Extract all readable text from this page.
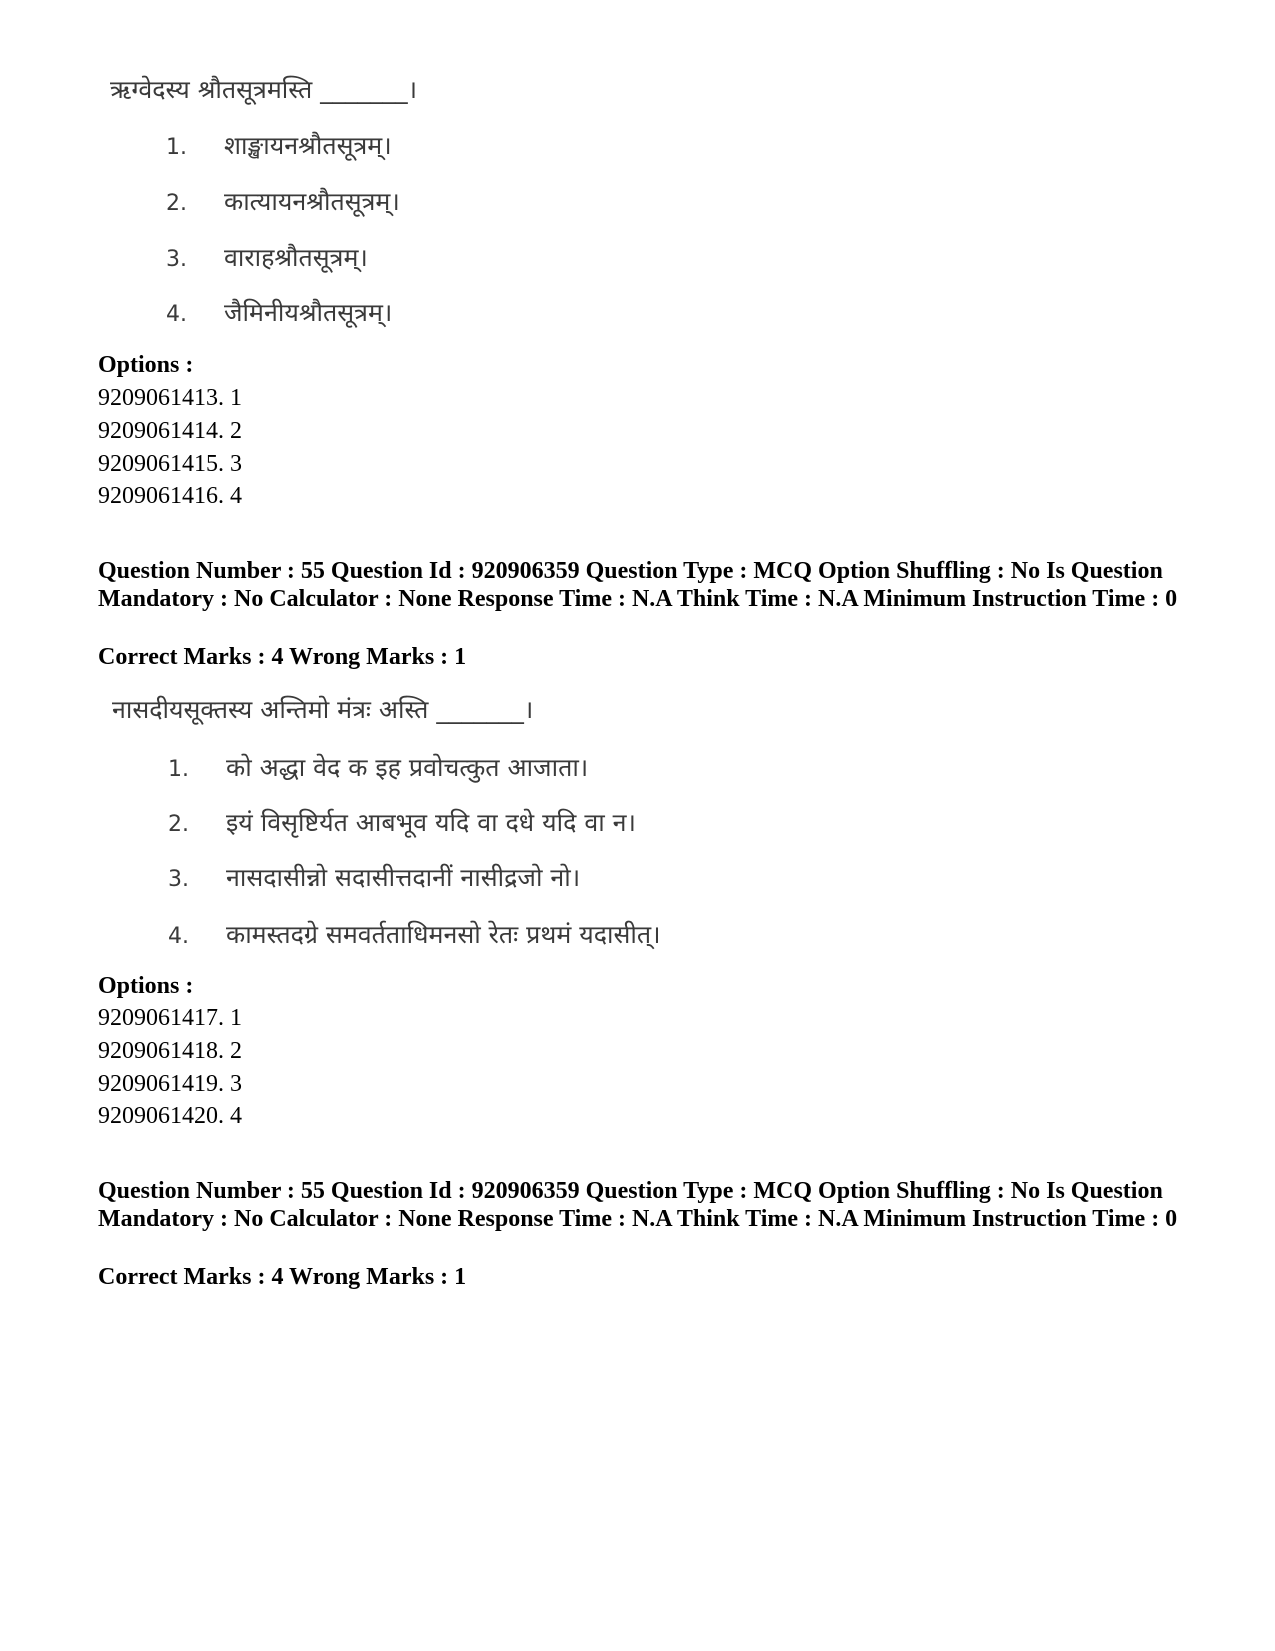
ऋग्वेदस्य श्रौतसूत्रमस्ति _______।
1. शाङ्खायनश्रौतसूत्रम्।
2. कात्यायनश्रौतसूत्रम्।
3. वाराहश्रौतसूत्रम्।
4. जैमिनीयश्रौतसूत्रम्।
Options :
9209061413. 1
9209061414. 2
9209061415. 3
9209061416. 4
Question Number : 55 Question Id : 920906359 Question Type : MCQ Option Shuffling : No Is Question Mandatory : No Calculator : None Response Time : N.A Think Time : N.A Minimum Instruction Time : 0
Correct Marks : 4 Wrong Marks : 1
नासदीयसूक्तस्य अन्तिमो मंत्रः अस्ति _______।
1. को अद्धा वेद क इह प्रवोचत्कुत आजाता।
2. इयं विसृष्टिर्यत आबभूव यदि वा दधे यदि वा न।
3. नासदासीन्नो सदासीत्तदानीं नासीद्रजो नो।
4. कामस्तदग्रे समवर्तताधिमनसो रेतः प्रथमं यदासीत्।
Options :
9209061417. 1
9209061418. 2
9209061419. 3
9209061420. 4
Question Number : 55 Question Id : 920906359 Question Type : MCQ Option Shuffling : No Is Question Mandatory : No Calculator : None Response Time : N.A Think Time : N.A Minimum Instruction Time : 0
Correct Marks : 4 Wrong Marks : 1
